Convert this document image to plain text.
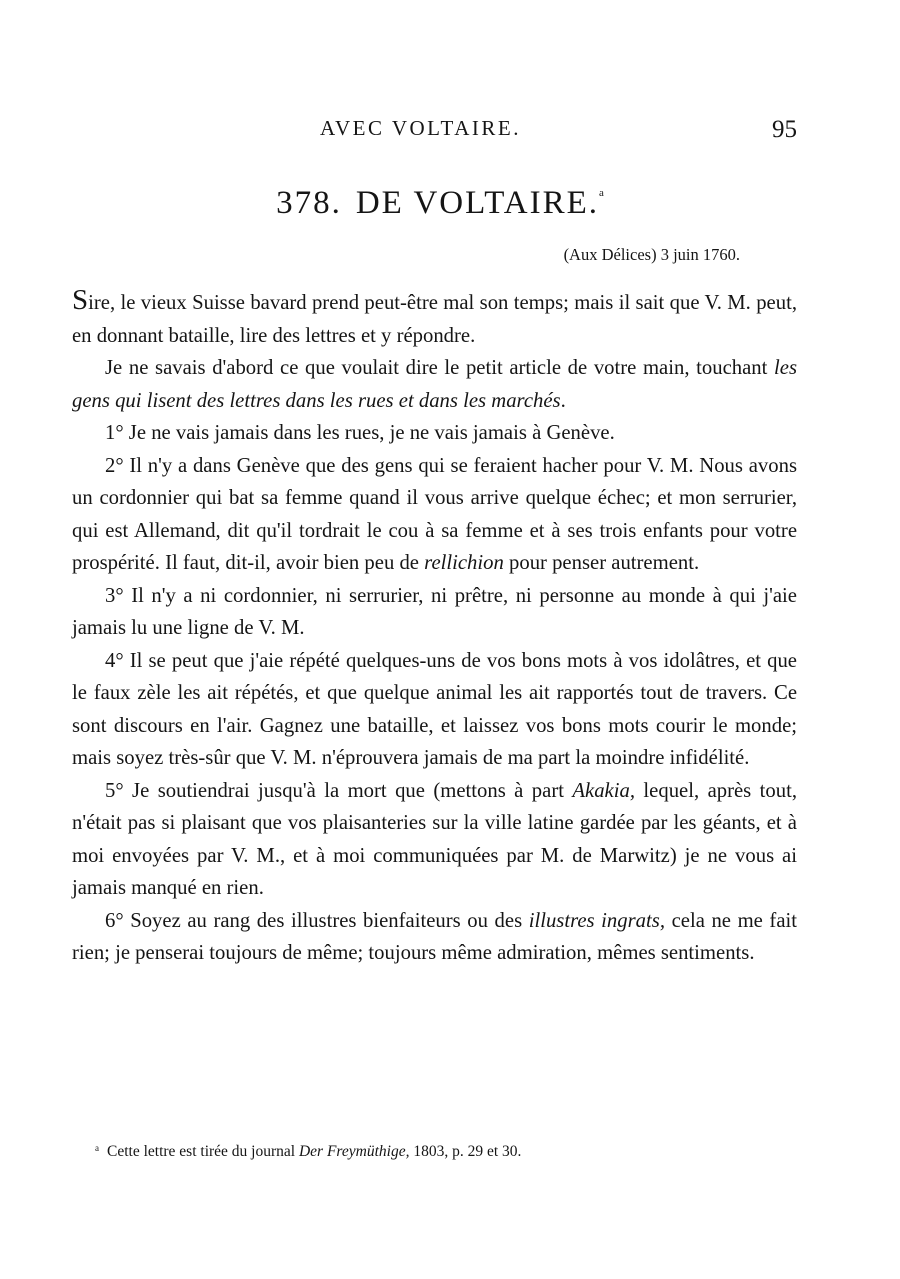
AVEC VOLTAIRE.	95
378. DE VOLTAIRE.$^a$
(Aux Délices) 3 juin 1760.

Sire, le vieux Suisse bavard prend peut-être mal son temps; mais il sait que V. M. peut, en donnant bataille, lire des lettres et y répondre.

Je ne savais d'abord ce que voulait dire le petit article de votre main, touchant les gens qui lisent des lettres dans les rues et dans les marchés.

1° Je ne vais jamais dans les rues, je ne vais jamais à Genève.

2° Il n'y a dans Genève que des gens qui se feraient hacher pour V. M. Nous avons un cordonnier qui bat sa femme quand il vous arrive quelque échec; et mon serrurier, qui est Allemand, dit qu'il tordrait le cou à sa femme et à ses trois enfants pour votre prospérité. Il faut, dit-il, avoir bien peu de rellichion pour penser autrement.

3° Il n'y a ni cordonnier, ni serrurier, ni prêtre, ni personne au monde à qui j'aie jamais lu une ligne de V. M.

4° Il se peut que j'aie répété quelques-uns de vos bons mots à vos idolâtres, et que le faux zèle les ait répétés, et que quelque animal les ait rapportés tout de travers. Ce sont discours en l'air. Gagnez une bataille, et laissez vos bons mots courir le monde; mais soyez très-sûr que V. M. n'éprouvera jamais de ma part la moindre infidélité.

5° Je soutiendrai jusqu'à la mort que (mettons à part Akakia, lequel, après tout, n'était pas si plaisant que vos plaisanteries sur la ville latine gardée par les géants, et à moi envoyées par V. M., et à moi communiquées par M. de Marwitz) je ne vous ai jamais manqué en rien.

6° Soyez au rang des illustres bienfaiteurs ou des illustres ingrats, cela ne me fait rien; je penserai toujours de même; toujours même admiration, mêmes sentiments.

$^a$ Cette lettre est tirée du journal Der Freymüthige, 1803, p. 29 et 30.
